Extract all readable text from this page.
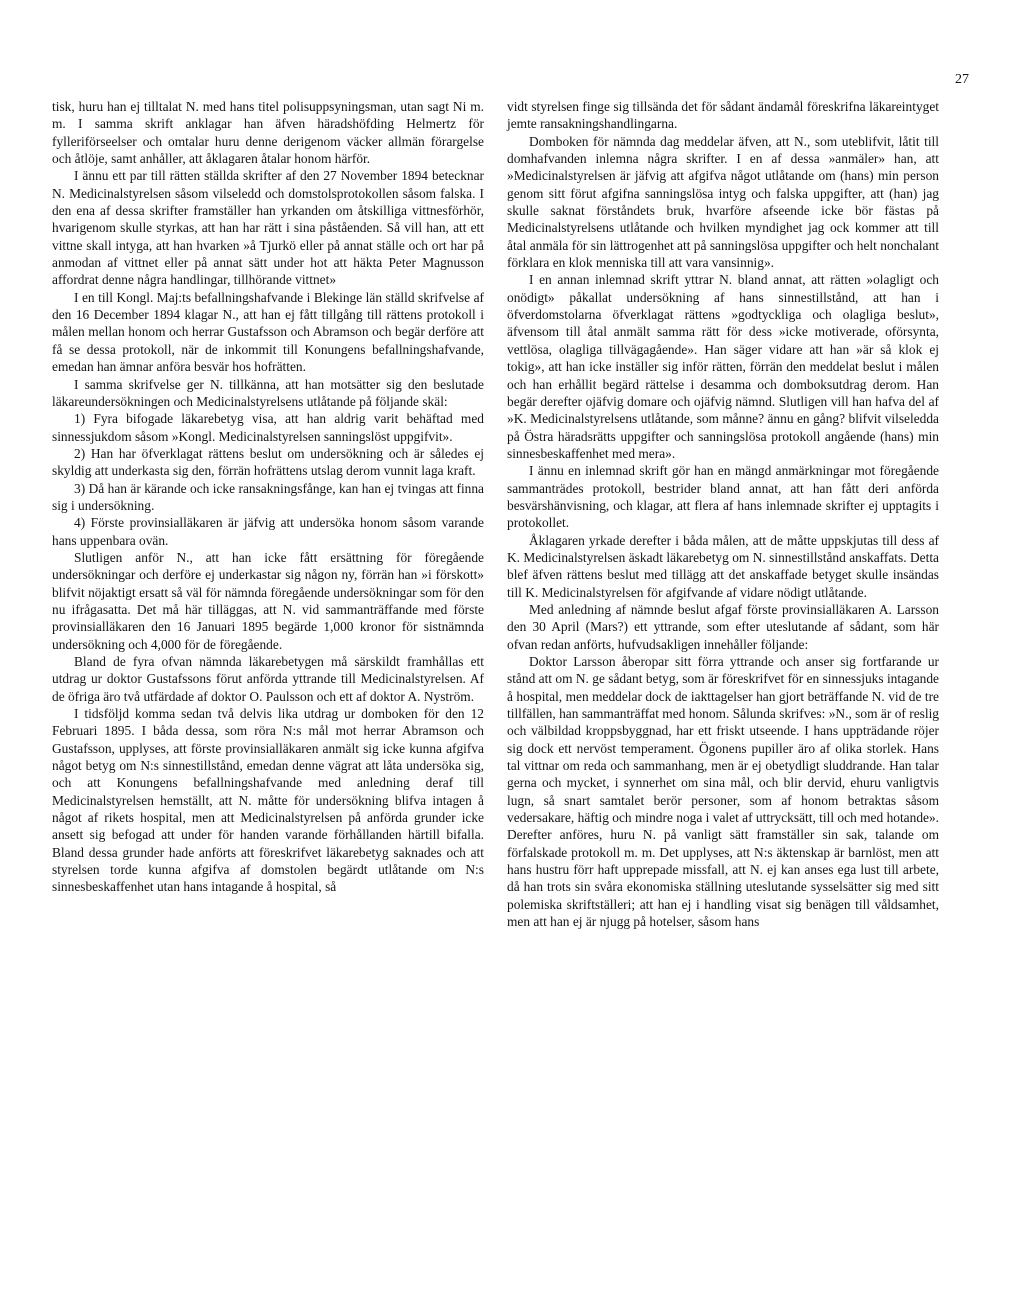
27

tisk, huru han ej tilltalat N. med hans titel polisuppsyningsman, utan sagt Ni m. m. I samma skrift anklagar han äfven häradshöfding Helmertz för fylleriförseelser och omtalar huru denne derigenom väcker allmän förargelse och åtlöje, samt anhåller, att åklagaren åtalar honom härför.

I ännu ett par till rätten ställda skrifter af den 27 November 1894 betecknar N. Medicinalstyrelsen såsom vilseledd och domstolsprotokollen såsom falska. I den ena af dessa skrifter framställer han yrkanden om åtskilliga vittnesförhör, hvarigenom skulle styrkas, att han har rätt i sina påståenden. Så vill han, att ett vittne skall intyga, att han hvarken »å Tjurkö eller på annat ställe och ort har på anmodan af vittnet eller på annat sätt under hot att häkta Peter Magnusson affordrat denne några handlingar, tillhörande vittnet»

I en till Kongl. Maj:ts befallningshafvande i Blekinge län ställd skrifvelse af den 16 December 1894 klagar N., att han ej fått tillgång till rättens protokoll i målen mellan honom och herrar Gustafsson och Abramson och begär derföre att få se dessa protokoll, när de inkommit till Konungens befallningshafvande, emedan han ämnar anföra besvär hos hofrätten.

I samma skrifvelse ger N. tillkänna, att han motsätter sig den beslutade läkareundersökningen och Medicinalstyrelsens utlåtande på följande skäl:

1) Fyra bifogade läkarebetyg visa, att han aldrig varit behäftad med sinnessjukdom såsom »Kongl. Medicinalstyrelsen sanningslöst uppgifvit».

2) Han har öfverklagat rättens beslut om undersökning och är således ej skyldig att underkasta sig den, förrän hofrättens utslag derom vunnit laga kraft.

3) Då han är kärande och icke ransakningsfånge, kan han ej tvingas att finna sig i undersökning.

4) Förste provinsialläkaren är jäfvig att undersöka honom såsom varande hans uppenbara ovän.

Slutligen anför N., att han icke fått ersättning för föregående undersökningar och derföre ej underkastar sig någon ny, förrän han »i förskott» blifvit nöjaktigt ersatt så väl för nämnda föregående undersökningar som för den nu ifrågasatta. Det må här tilläggas, att N. vid sammanträffande med förste provinsialläkaren den 16 Januari 1895 begärde 1,000 kronor för sistnämnda undersökning och 4,000 för de föregående.

Bland de fyra ofvan nämnda läkarebetygen må särskildt framhållas ett utdrag ur doktor Gustafssons förut anförda yttrande till Medicinalstyrelsen. Af de öfriga äro två utfärdade af doktor O. Paulsson och ett af doktor A. Nyström.

I tidsföljd komma sedan två delvis lika utdrag ur domboken för den 12 Februari 1895. I båda dessa, som röra N:s mål mot herrar Abramson och Gustafsson, upplyses, att förste provinsialläkaren anmält sig icke kunna afgifva något betyg om N:s sinnestillstånd, emedan denne vägrat att låta undersöka sig, och att Konungens befallningshafvande med anledning deraf till Medicinalstyrelsen hemställt, att N. måtte för undersökning blifva intagen å något af rikets hospital, men att Medicinalstyrelsen på anförda grunder icke ansett sig befogad att under för handen varande förhållanden härtill bifalla. Bland dessa grunder hade anförts att föreskrifvet läkarebetyg saknades och att styrelsen torde kunna afgifva af domstolen begärdt utlåtande om N:s sinnesbeskaffenhet utan hans intagande å hospital, så

vidt styrelsen finge sig tillsända det för sådant ändamål föreskrifna läkareintyget jemte ransakningshandlingarna.

Domboken för nämnda dag meddelar äfven, att N., som uteblifvit, låtit till domhafvanden inlemna några skrifter. I en af dessa »anmäler» han, att »Medicinalstyrelsen är jäfvig att afgifva något utlåtande om (hans) min person genom sitt förut afgifna sanningslösa intyg och falska uppgifter, att (han) jag skulle saknat förståndets bruk, hvarföre afseende icke bör fästas på Medicinalstyrelsens utlåtande och hvilken myndighet jag ock kommer att till åtal anmäla för sin lättrogenhet att på sanningslösa uppgifter och helt nonchalant förklara en klok menniska till att vara vansinnig».

I en annan inlemnad skrift yttrar N. bland annat, att rätten »olagligt och onödigt» påkallat undersökning af hans sinnestillstånd, att han i öfverdomstolarna öfverklagat rättens »godtyckliga och olagliga beslut», äfvensom till åtal anmält samma rätt för dess »icke motiverade, oförsynta, vettlösa, olagliga tillvägagående». Han säger vidare att han »är så klok ej tokig», att han icke inställer sig inför rätten, förrän den meddelat beslut i målen och han erhållit begärd rättelse i desamma och domboksutdrag derom. Han begär derefter ojäfvig domare och ojäfvig nämnd. Slutligen vill han hafva del af »K. Medicinalstyrelsens utlåtande, som månne? ännu en gång? blifvit vilseledda på Östra häradsrätts uppgifter och sanningslösa protokoll angående (hans) min sinnesbeskaffenhet med mera».

I ännu en inlemnad skrift gör han en mängd anmärkningar mot föregående sammanträdes protokoll, bestrider bland annat, att han fått deri anförda besvärshänvisning, och klagar, att flera af hans inlemnade skrifter ej upptagits i protokollet.

Åklagaren yrkade derefter i båda målen, att de måtte uppskjutas till dess af K. Medicinalstyrelsen äskadt läkarebetyg om N. sinnestillstånd anskaffats. Detta blef äfven rättens beslut med tillägg att det anskaffade betyget skulle insändas till K. Medicinalstyrelsen för afgifvande af vidare nödigt utlåtande.

Med anledning af nämnde beslut afgaf förste provinsialläkaren A. Larsson den 30 April (Mars?) ett yttrande, som efter uteslutande af sådant, som här ofvan redan anförts, hufvudsakligen innehåller följande:

Doktor Larsson åberopar sitt förra yttrande och anser sig fortfarande ur stånd att om N. ge sådant betyg, som är föreskrifvet för en sinnessjuks intagande å hospital, men meddelar dock de iakttagelser han gjort beträffande N. vid de tre tillfällen, han sammanträffat med honom. Sålunda skrifves: »N., som är of reslig och välbildad kroppsbyggnad, har ett friskt utseende. I hans uppträdande röjer sig dock ett nervöst temperament. Ögonens pupiller äro af olika storlek. Hans tal vittnar om reda och sammanhang, men är ej obetydligt sluddrande. Han talar gerna och mycket, i synnerhet om sina mål, och blir dervid, ehuru vanligtvis lugn, så snart samtalet berör personer, som af honom betraktas såsom vedersakare, häftig och mindre noga i valet af uttrycksätt, till och med hotande». Derefter anföres, huru N. på vanligt sätt framställer sin sak, talande om förfalskade protokoll m. m. Det upplyses, att N:s äktenskap är barnlöst, men att hans hustru förr haft upprepade missfall, att N. ej kan anses ega lust till arbete, då han trots sin svåra ekonomiska ställning uteslutande sysselsätter sig med sitt polemiska skriftställeri; att han ej i handling visat sig benägen till våldsamhet, men att han ej är njugg på hotelser, såsom hans
